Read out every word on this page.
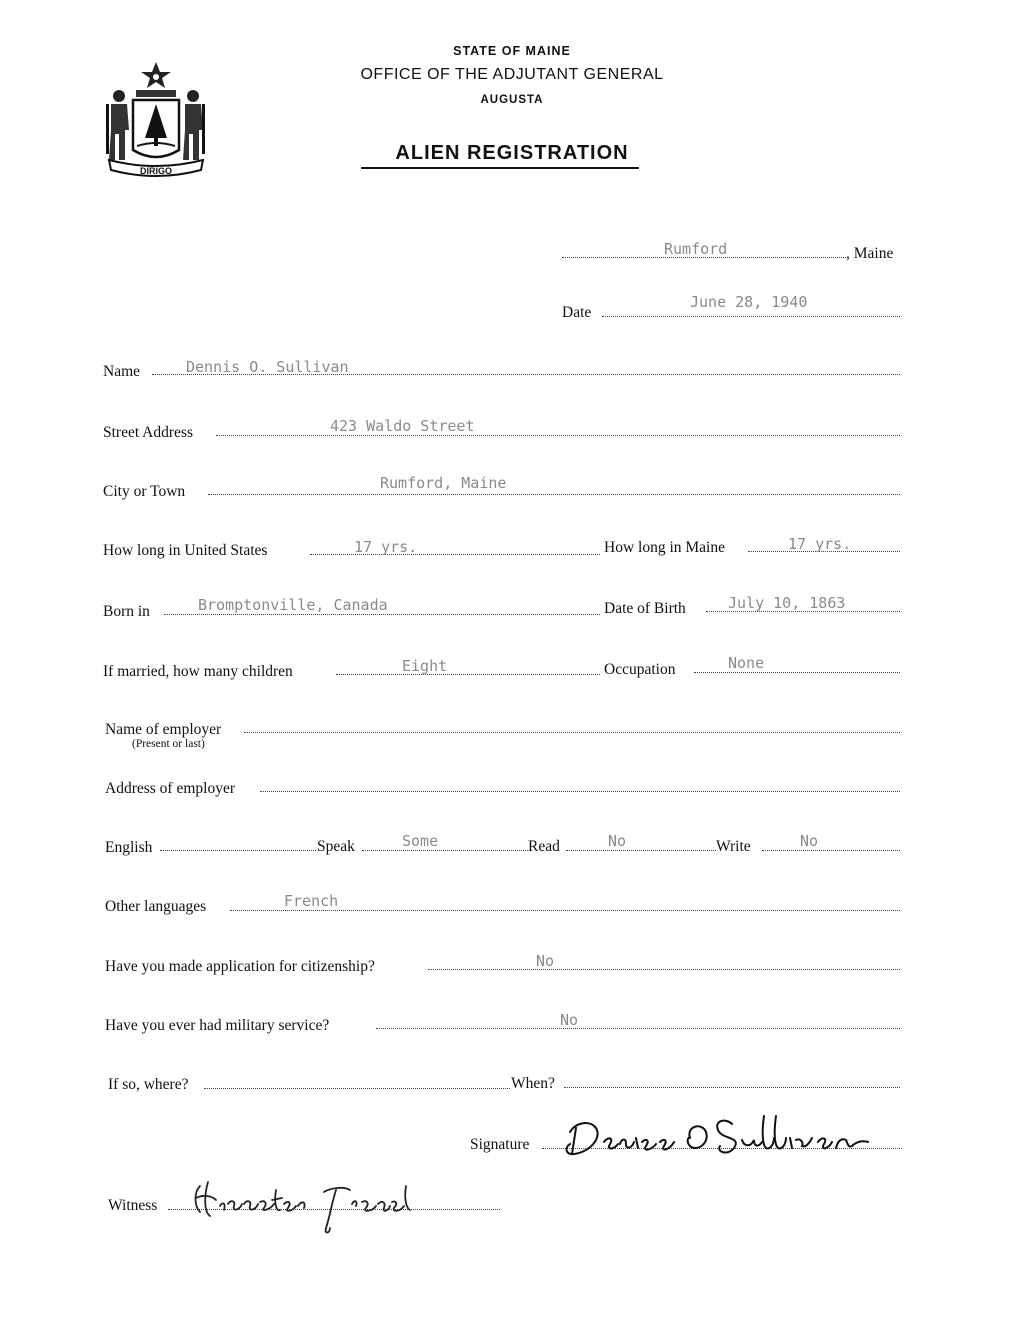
DIRIGO
STATE OF MAINE
OFFICE OF THE ADJUTANT GENERAL
AUGUSTA
ALIEN REGISTRATION
Rumford	, Maine
Date
June 28, 1940
Name	Dennis O. Sullivan
Street Address	423 Waldo Street
City or Town	Rumford, Maine
How long in United States	17 yrs.	How long in Maine	17 yrs.
Born in	Bromptonville, Canada	Date of Birth	July 10, 1863
If married, how many children	Eight	Occupation	None
Name of employer
(Present or last)
Address of employer
English	Speak	Some	Read	No	Write	No
Other languages	French
Have you made application for citizenship?	No
Have you ever had military service?	No
If so, where?	When?
Signature
Witness
